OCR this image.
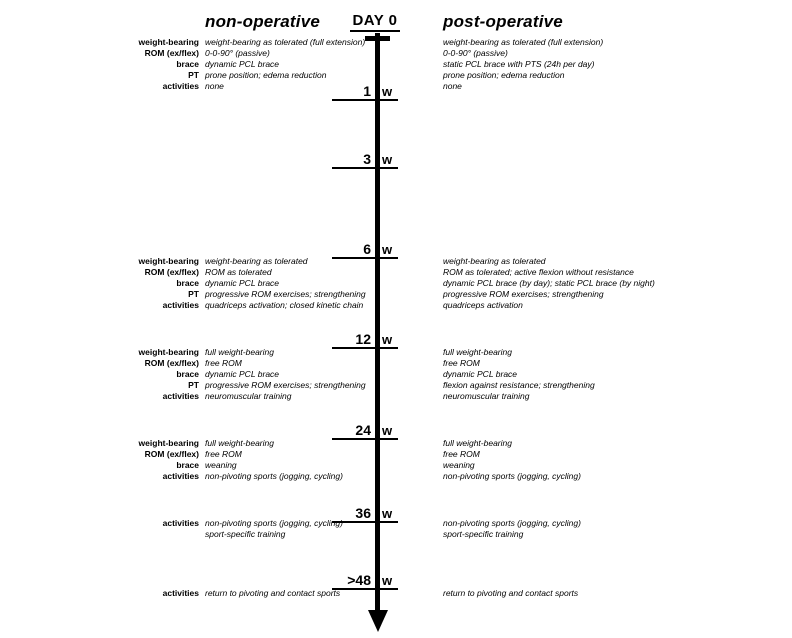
non-operative	post-operative
DAY 0
1 w
3 w
6 w
12 w
24 w
36 w
>48 w
weight-bearing weight-bearing as tolerated (full extension)
ROM (ex/flex) 0-0-90° (passive)
brace dynamic PCL brace
PT prone position; edema reduction
activities none
weight-bearing as tolerated (full extension)
0-0-90° (passive)
static PCL brace with PTS (24h per day)
prone position; edema reduction
none
weight-bearing weight-bearing as tolerated
ROM (ex/flex) ROM as tolerated
brace dynamic PCL brace
PT progressive ROM exercises; strengthening
activities quadriceps activation; closed kinetic chain
weight-bearing as tolerated
ROM as tolerated; active flexion without resistance
dynamic PCL brace (by day); static PCL brace (by night)
progressive ROM exercises; strengthening
quadriceps activation
weight-bearing full weight-bearing
ROM (ex/flex) free ROM
brace dynamic PCL brace
PT progressive ROM exercises; strengthening
activities neuromuscular training
full weight-bearing
free ROM
dynamic PCL brace
flexion against resistance; strengthening
neuromuscular training
weight-bearing full weight-bearing
ROM (ex/flex) free ROM
brace weaning
activities non-pivoting sports (jogging, cycling)
full weight-bearing
free ROM
weaning
non-pivoting sports (jogging, cycling)
activities non-pivoting sports (jogging, cycling)
sport-specific training
non-pivoting sports (jogging, cycling)
sport-specific training
activities return to pivoting and contact sports	return to pivoting and contact sports
